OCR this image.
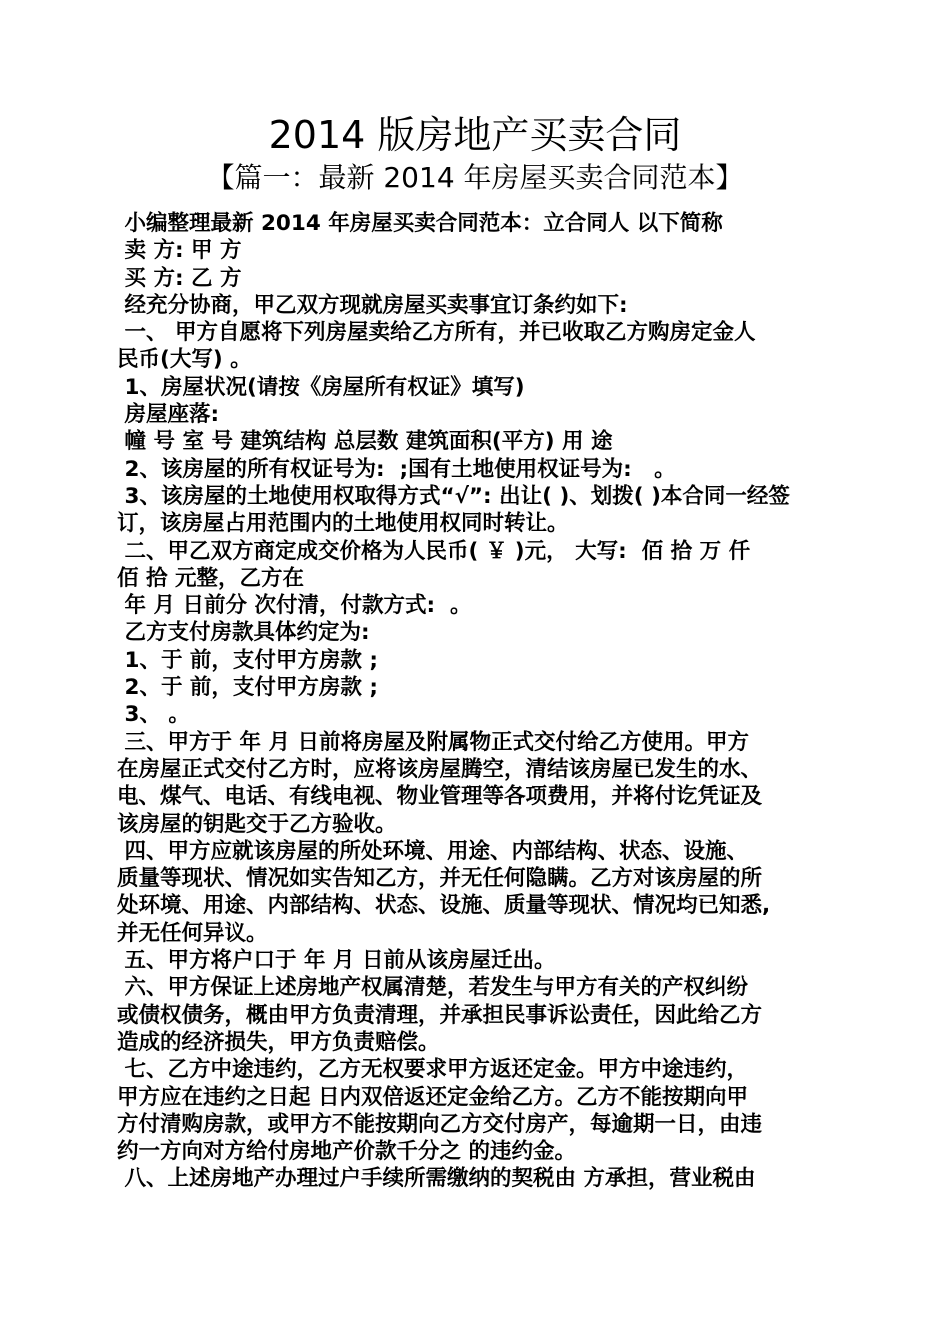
2014 版房地产买卖合同
【篇一：最新 2014 年房屋买卖合同范本】
小编整理最新 2014 年房屋买卖合同范本：立合同人 以下简称
卖 方: 甲 方
买 方: 乙 方
经充分协商，甲乙双方现就房屋买卖事宜订条约如下:
一、 甲方自愿将下列房屋卖给乙方所有，并已收取乙方购房定金人
民币(大写) 。
1、房屋状况(请按《房屋所有权证》填写)
房屋座落:
幢 号 室 号 建筑结构 总层数 建筑面积(平方) 用 途
2、该房屋的所有权证号为:  ;国有土地使用权证号为:   。
3、该房屋的土地使用权取得方式“√”: 出让( )、划拨( )本合同一经签
订，该房屋占用范围内的土地使用权同时转让。
二、甲乙双方商定成交价格为人民币( ￥ )元， 大写:  佰 拾 万 仟
佰 拾 元整，乙方在
年 月 日前分 次付清，付款方式:  。
乙方支付房款具体约定为:
1、于 前，支付甲方房款 ;
2、于 前，支付甲方房款 ;
3、 。
三、甲方于 年 月 日前将房屋及附属物正式交付给乙方使用。甲方
在房屋正式交付乙方时，应将该房屋腾空，清结该房屋已发生的水、
电、煤气、电话、有线电视、物业管理等各项费用，并将付讫凭证及
该房屋的钥匙交于乙方验收。
四、甲方应就该房屋的所处环境、用途、内部结构、状态、设施、
质量等现状、情况如实告知乙方，并无任何隐瞒。乙方对该房屋的所
处环境、用途、内部结构、状态、设施、质量等现状、情况均已知悉,
并无任何异议。
五、甲方将户口于 年 月 日前从该房屋迁出。
六、甲方保证上述房地产权属清楚，若发生与甲方有关的产权纠纷
或债权债务，概由甲方负责清理，并承担民事诉讼责任，因此给乙方
造成的经济损失，甲方负责赔偿。
七、乙方中途违约，乙方无权要求甲方返还定金。甲方中途违约，
甲方应在违约之日起 日内双倍返还定金给乙方。乙方不能按期向甲
方付清购房款，或甲方不能按期向乙方交付房产，每逾期一日，由违
约一方向对方给付房地产价款千分之 的违约金。
八、上述房地产办理过户手续所需缴纳的契税由 方承担，营业税由
